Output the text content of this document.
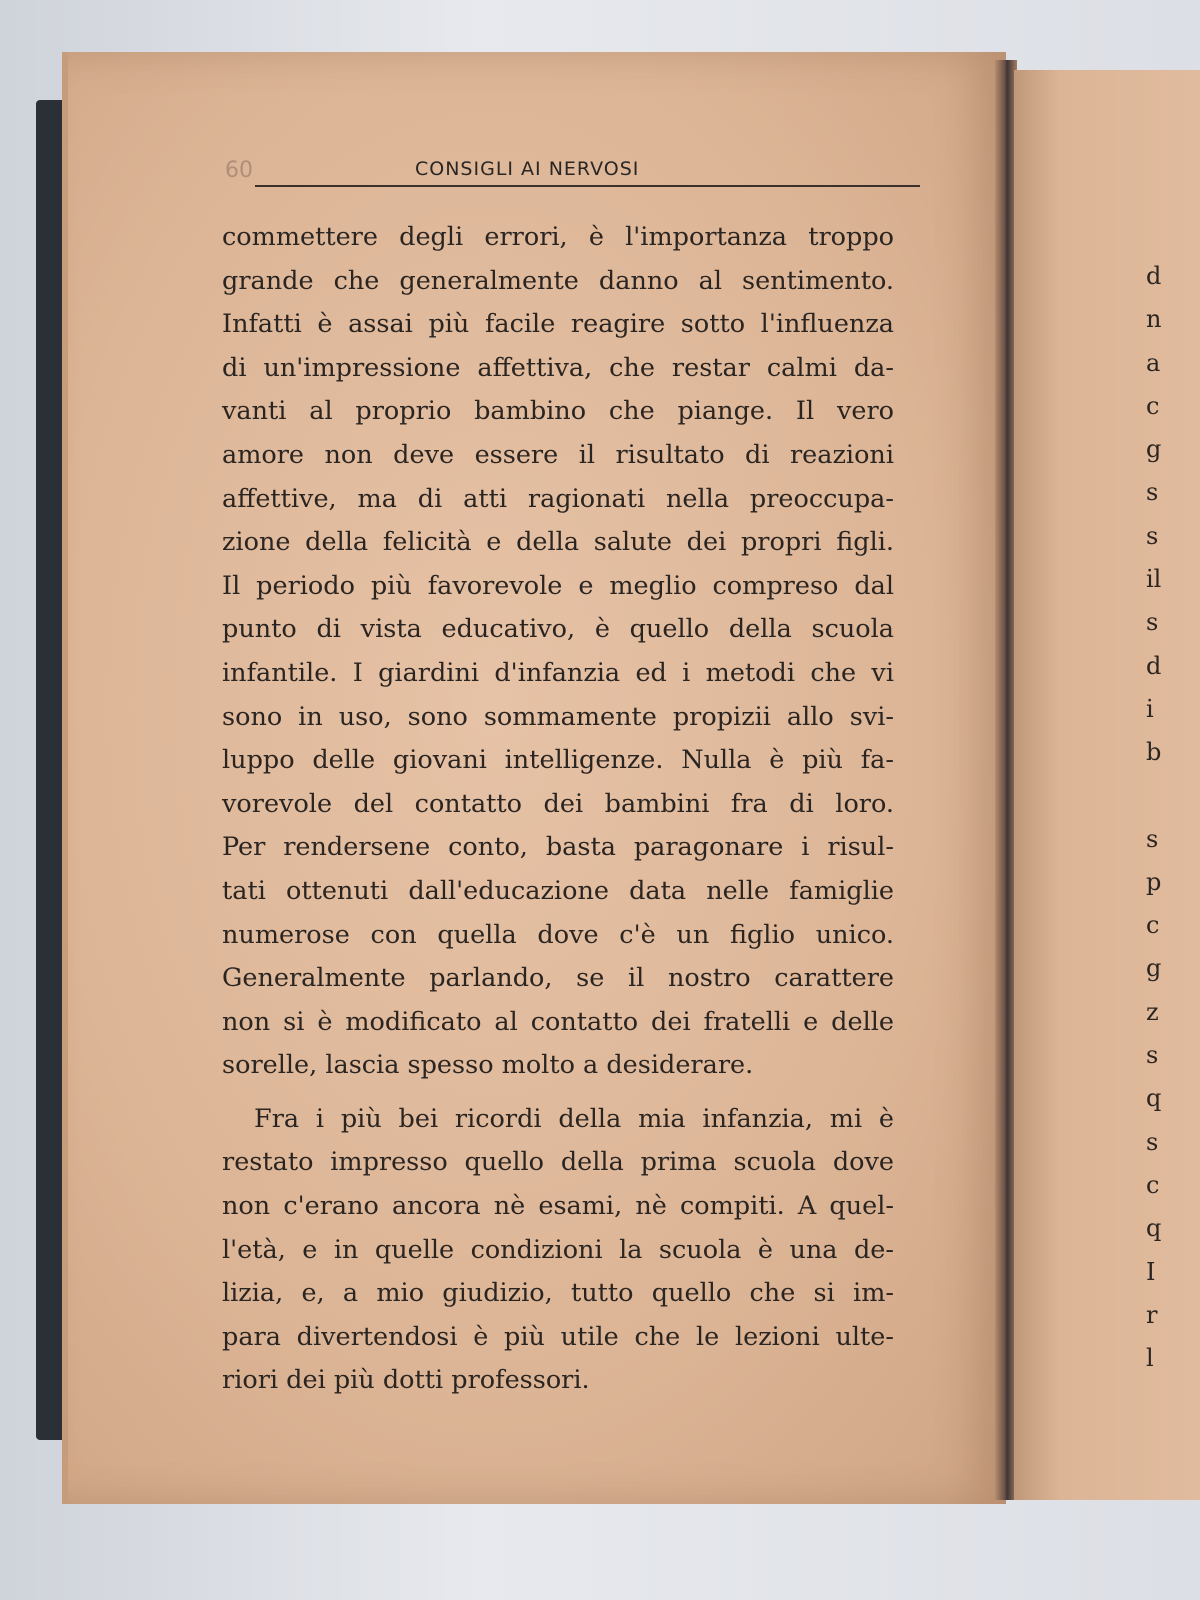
60	CONSIGLI AI NERVOSI
commettere degli errori, è l'importanza troppo
grande che generalmente danno al sentimento.
Infatti è assai più facile reagire sotto l'influenza
di un'impressione affettiva, che restar calmi da-
vanti al proprio bambino che piange. Il vero
amore non deve essere il risultato di reazioni
affettive, ma di atti ragionati nella preoccupa-
zione della felicità e della salute dei propri figli.
Il periodo più favorevole e meglio compreso dal
punto di vista educativo, è quello della scuola
infantile. I giardini d'infanzia ed i metodi che vi
sono in uso, sono sommamente propizii allo svi-
luppo delle giovani intelligenze. Nulla è più fa-
vorevole del contatto dei bambini fra di loro.
Per rendersene conto, basta paragonare i risul-
tati ottenuti dall'educazione data nelle famiglie
numerose con quella dove c'è un figlio unico.
Generalmente parlando, se il nostro carattere
non si è modificato al contatto dei fratelli e delle
sorelle, lascia spesso molto a desiderare.
Fra i più bei ricordi della mia infanzia, mi è
restato impresso quello della prima scuola dove
non c'erano ancora nè esami, nè compiti. A quel-
l'età, e in quelle condizioni la scuola è una de-
lizia, e, a mio giudizio, tutto quello che si im-
para divertendosi è più utile che le lezioni ulte-
riori dei più dotti professori.
d
n
a
c
g
s
s
il
s
d
i
b
s
p
c
g
z
s
q
s
c
q
I
r
l
